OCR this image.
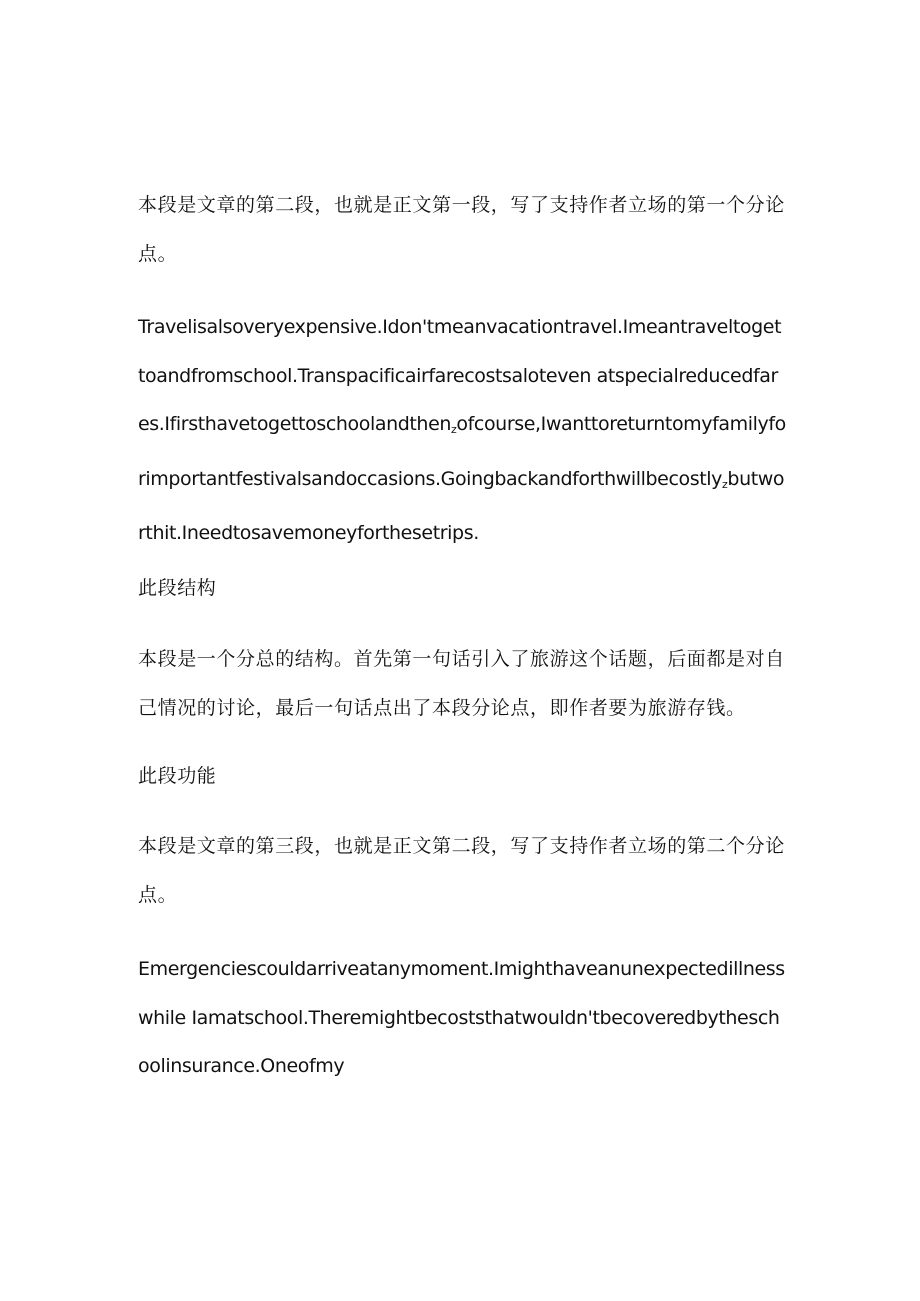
本段是文章的第二段，也就是正文第一段，写了支持作者立场的第一个分论点。

Travelisalsoveryexpensive.Idon'tmeanvacationtravel.Imeantraveltogettoandfromschool.Transpacificairfarecostsaloteven atspecialreducedfares.Ifirsthavetogettoschoolandthen$_z$ofcourse,Iwanttoreturntomyfamilyforimportantfestivalsandoccasions.Goingbackandforthwillbecostly$_z$butworthit.Ineedtosavemoneyforthesetrips.

此段结构

本段是一个分总的结构。首先第一句话引入了旅游这个话题，后面都是对自己情况的讨论，最后一句话点出了本段分论点，即作者要为旅游存钱。

此段功能

本段是文章的第三段，也就是正文第二段，写了支持作者立场的第二个分论点。

Emergenciescouldarriveatanymoment.Imighthaveanunexpectedillnesswhile Iamatschool.Theremightbecoststhatwouldn'tbecoveredbytheschoolinsurance.Oneofmy
